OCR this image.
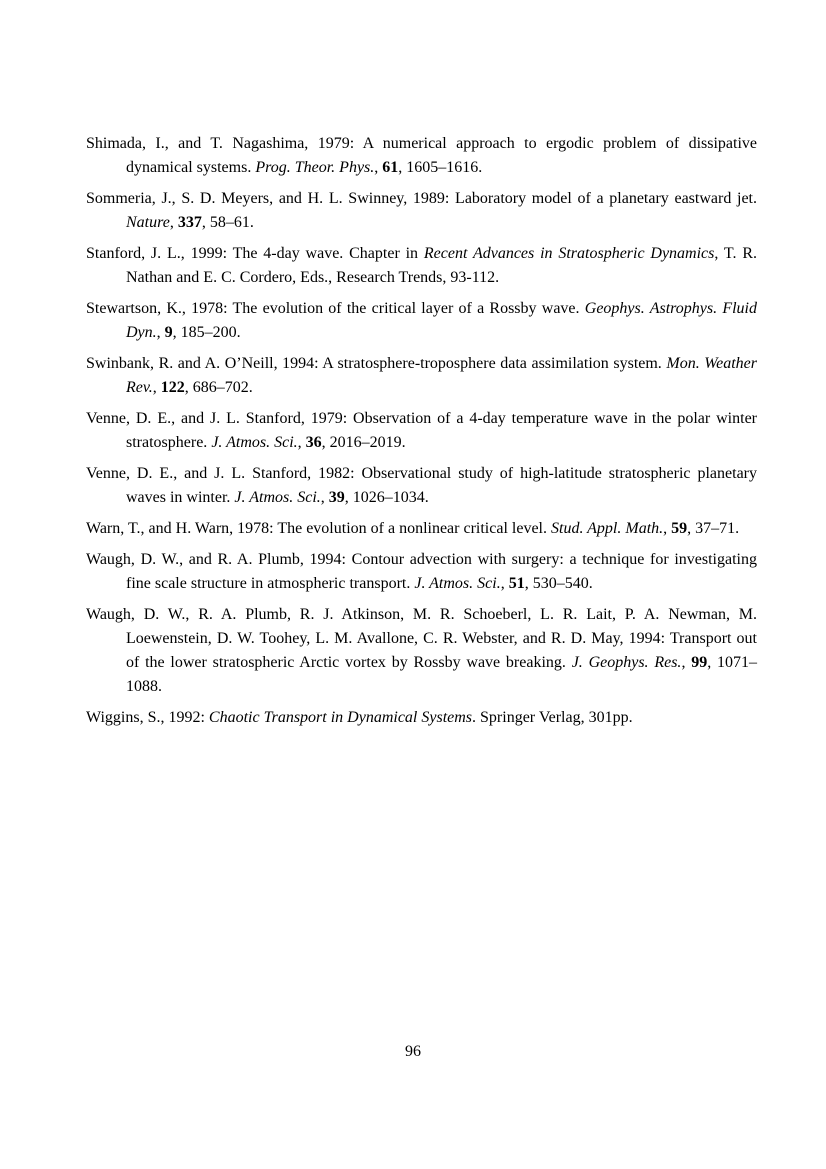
Shimada, I., and T. Nagashima, 1979: A numerical approach to ergodic problem of dissipative dynamical systems. Prog. Theor. Phys., 61, 1605–1616.

Sommeria, J., S. D. Meyers, and H. L. Swinney, 1989: Laboratory model of a planetary eastward jet. Nature, 337, 58–61.

Stanford, J. L., 1999: The 4-day wave. Chapter in Recent Advances in Stratospheric Dynamics, T. R. Nathan and E. C. Cordero, Eds., Research Trends, 93-112.

Stewartson, K., 1978: The evolution of the critical layer of a Rossby wave. Geophys. Astrophys. Fluid Dyn., 9, 185–200.

Swinbank, R. and A. O’Neill, 1994: A stratosphere-troposphere data assimilation system. Mon. Weather Rev., 122, 686–702.

Venne, D. E., and J. L. Stanford, 1979: Observation of a 4-day temperature wave in the polar winter stratosphere. J. Atmos. Sci., 36, 2016–2019.

Venne, D. E., and J. L. Stanford, 1982: Observational study of high-latitude stratospheric planetary waves in winter. J. Atmos. Sci., 39, 1026–1034.

Warn, T., and H. Warn, 1978: The evolution of a nonlinear critical level. Stud. Appl. Math., 59, 37–71.

Waugh, D. W., and R. A. Plumb, 1994: Contour advection with surgery: a technique for investigating fine scale structure in atmospheric transport. J. Atmos. Sci., 51, 530–540.

Waugh, D. W., R. A. Plumb, R. J. Atkinson, M. R. Schoeberl, L. R. Lait, P. A. Newman, M. Loewenstein, D. W. Toohey, L. M. Avallone, C. R. Webster, and R. D. May, 1994: Transport out of the lower stratospheric Arctic vortex by Rossby wave breaking. J. Geophys. Res., 99, 1071–1088.

Wiggins, S., 1992: Chaotic Transport in Dynamical Systems. Springer Verlag, 301pp.

96
